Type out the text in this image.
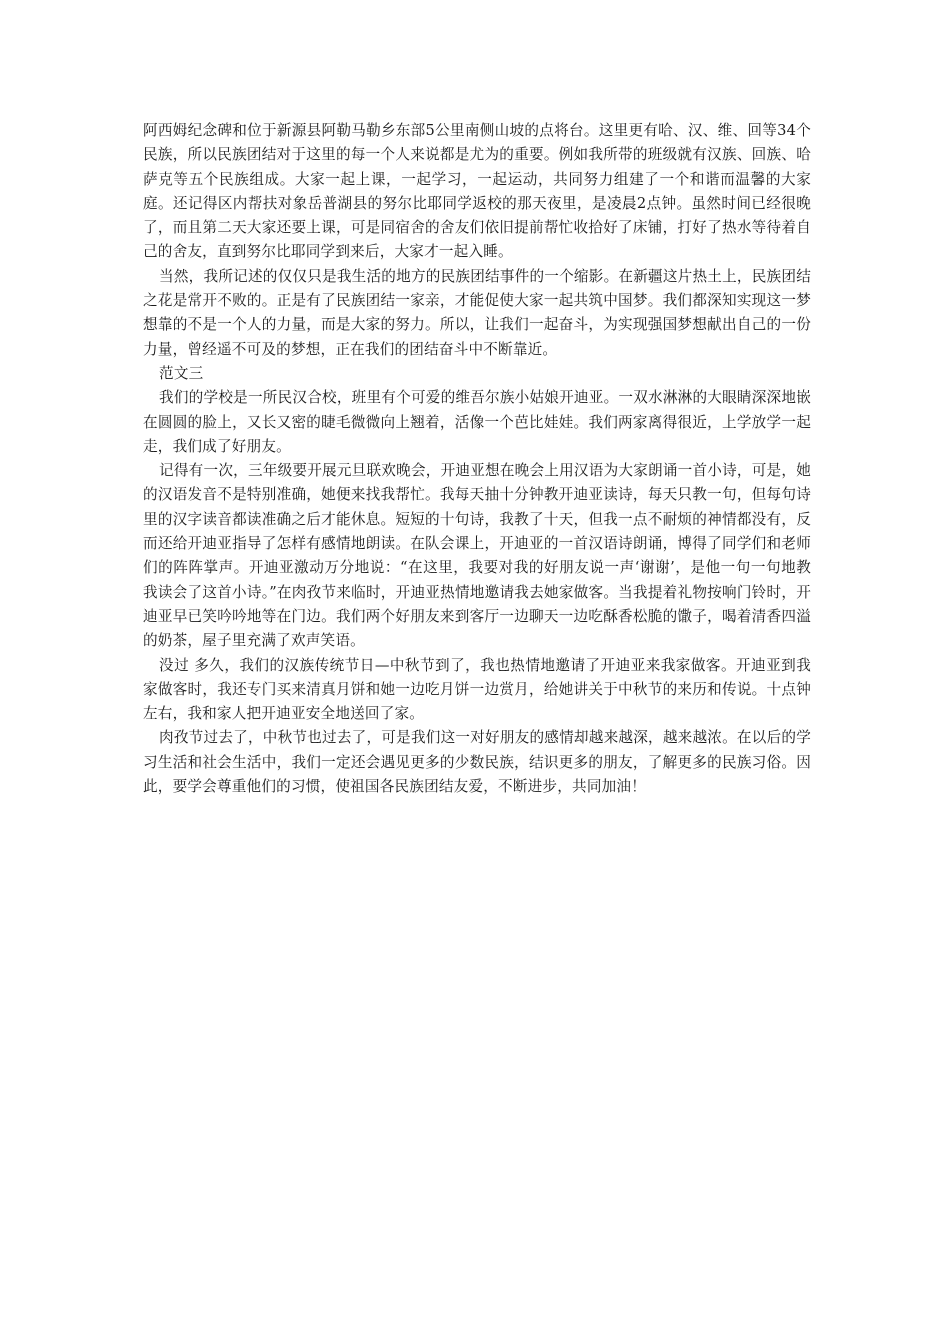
阿西姆纪念碑和位于新源县阿勒马勒乡东部5公里南侧山坡的点将台。这里更有哈、汉、维、回等34个民族，所以民族团结对于这里的每一个人来说都是尤为的重要。例如我所带的班级就有汉族、回族、哈萨克等五个民族组成。大家一起上课，一起学习，一起运动，共同努力组建了一个和谐而温馨的大家庭。还记得区内帮扶对象岳普湖县的努尔比耶同学返校的那天夜里，是凌晨2点钟。虽然时间已经很晚了，而且第二天大家还要上课，可是同宿舍的舍友们依旧提前帮忙收拾好了床铺，打好了热水等待着自己的舍友，直到努尔比耶同学到来后，大家才一起入睡。

当然，我所记述的仅仅只是我生活的地方的民族团结事件的一个缩影。在新疆这片热土上，民族团结之花是常开不败的。正是有了民族团结一家亲，才能促使大家一起共筑中国梦。我们都深知实现这一梦想靠的不是一个人的力量，而是大家的努力。所以，让我们一起奋斗，为实现强国梦想献出自己的一份力量，曾经遥不可及的梦想，正在我们的团结奋斗中不断靠近。

范文三

我们的学校是一所民汉合校，班里有个可爱的维吾尔族小姑娘开迪亚。一双水淋淋的大眼睛深深地嵌在圆圆的脸上，又长又密的睫毛微微向上翘着，活像一个芭比娃娃。我们两家离得很近，上学放学一起走，我们成了好朋友。

记得有一次，三年级要开展元旦联欢晚会，开迪亚想在晚会上用汉语为大家朗诵一首小诗，可是，她的汉语发音不是特别准确，她便来找我帮忙。我每天抽十分钟教开迪亚读诗，每天只教一句，但每句诗里的汉字读音都读准确之后才能休息。短短的十句诗，我教了十天，但我一点不耐烦的神情都没有，反而还给开迪亚指导了怎样有感情地朗读。在队会课上，开迪亚的一首汉语诗朗诵，博得了同学们和老师们的阵阵掌声。开迪亚激动万分地说：“在这里，我要对我的好朋友说一声‘谢谢’，是他一句一句地教我读会了这首小诗。”在肉孜节来临时，开迪亚热情地邀请我去她家做客。当我提着礼物按响门铃时，开迪亚早已笑吟吟地等在门边。我们两个好朋友来到客厅一边聊天一边吃酥香松脆的馓子，喝着清香四溢的奶茶，屋子里充满了欢声笑语。

没过 多久，我们的汉族传统节日—中秋节到了，我也热情地邀请了开迪亚来我家做客。开迪亚到我家做客时，我还专门买来清真月饼和她一边吃月饼一边赏月，给她讲关于中秋节的来历和传说。十点钟左右，我和家人把开迪亚安全地送回了家。

肉孜节过去了，中秋节也过去了，可是我们这一对好朋友的感情却越来越深，越来越浓。在以后的学习生活和社会生活中，我们一定还会遇见更多的少数民族，结识更多的朋友，了解更多的民族习俗。因此，要学会尊重他们的习惯，使祖国各民族团结友爱，不断进步，共同加油！
